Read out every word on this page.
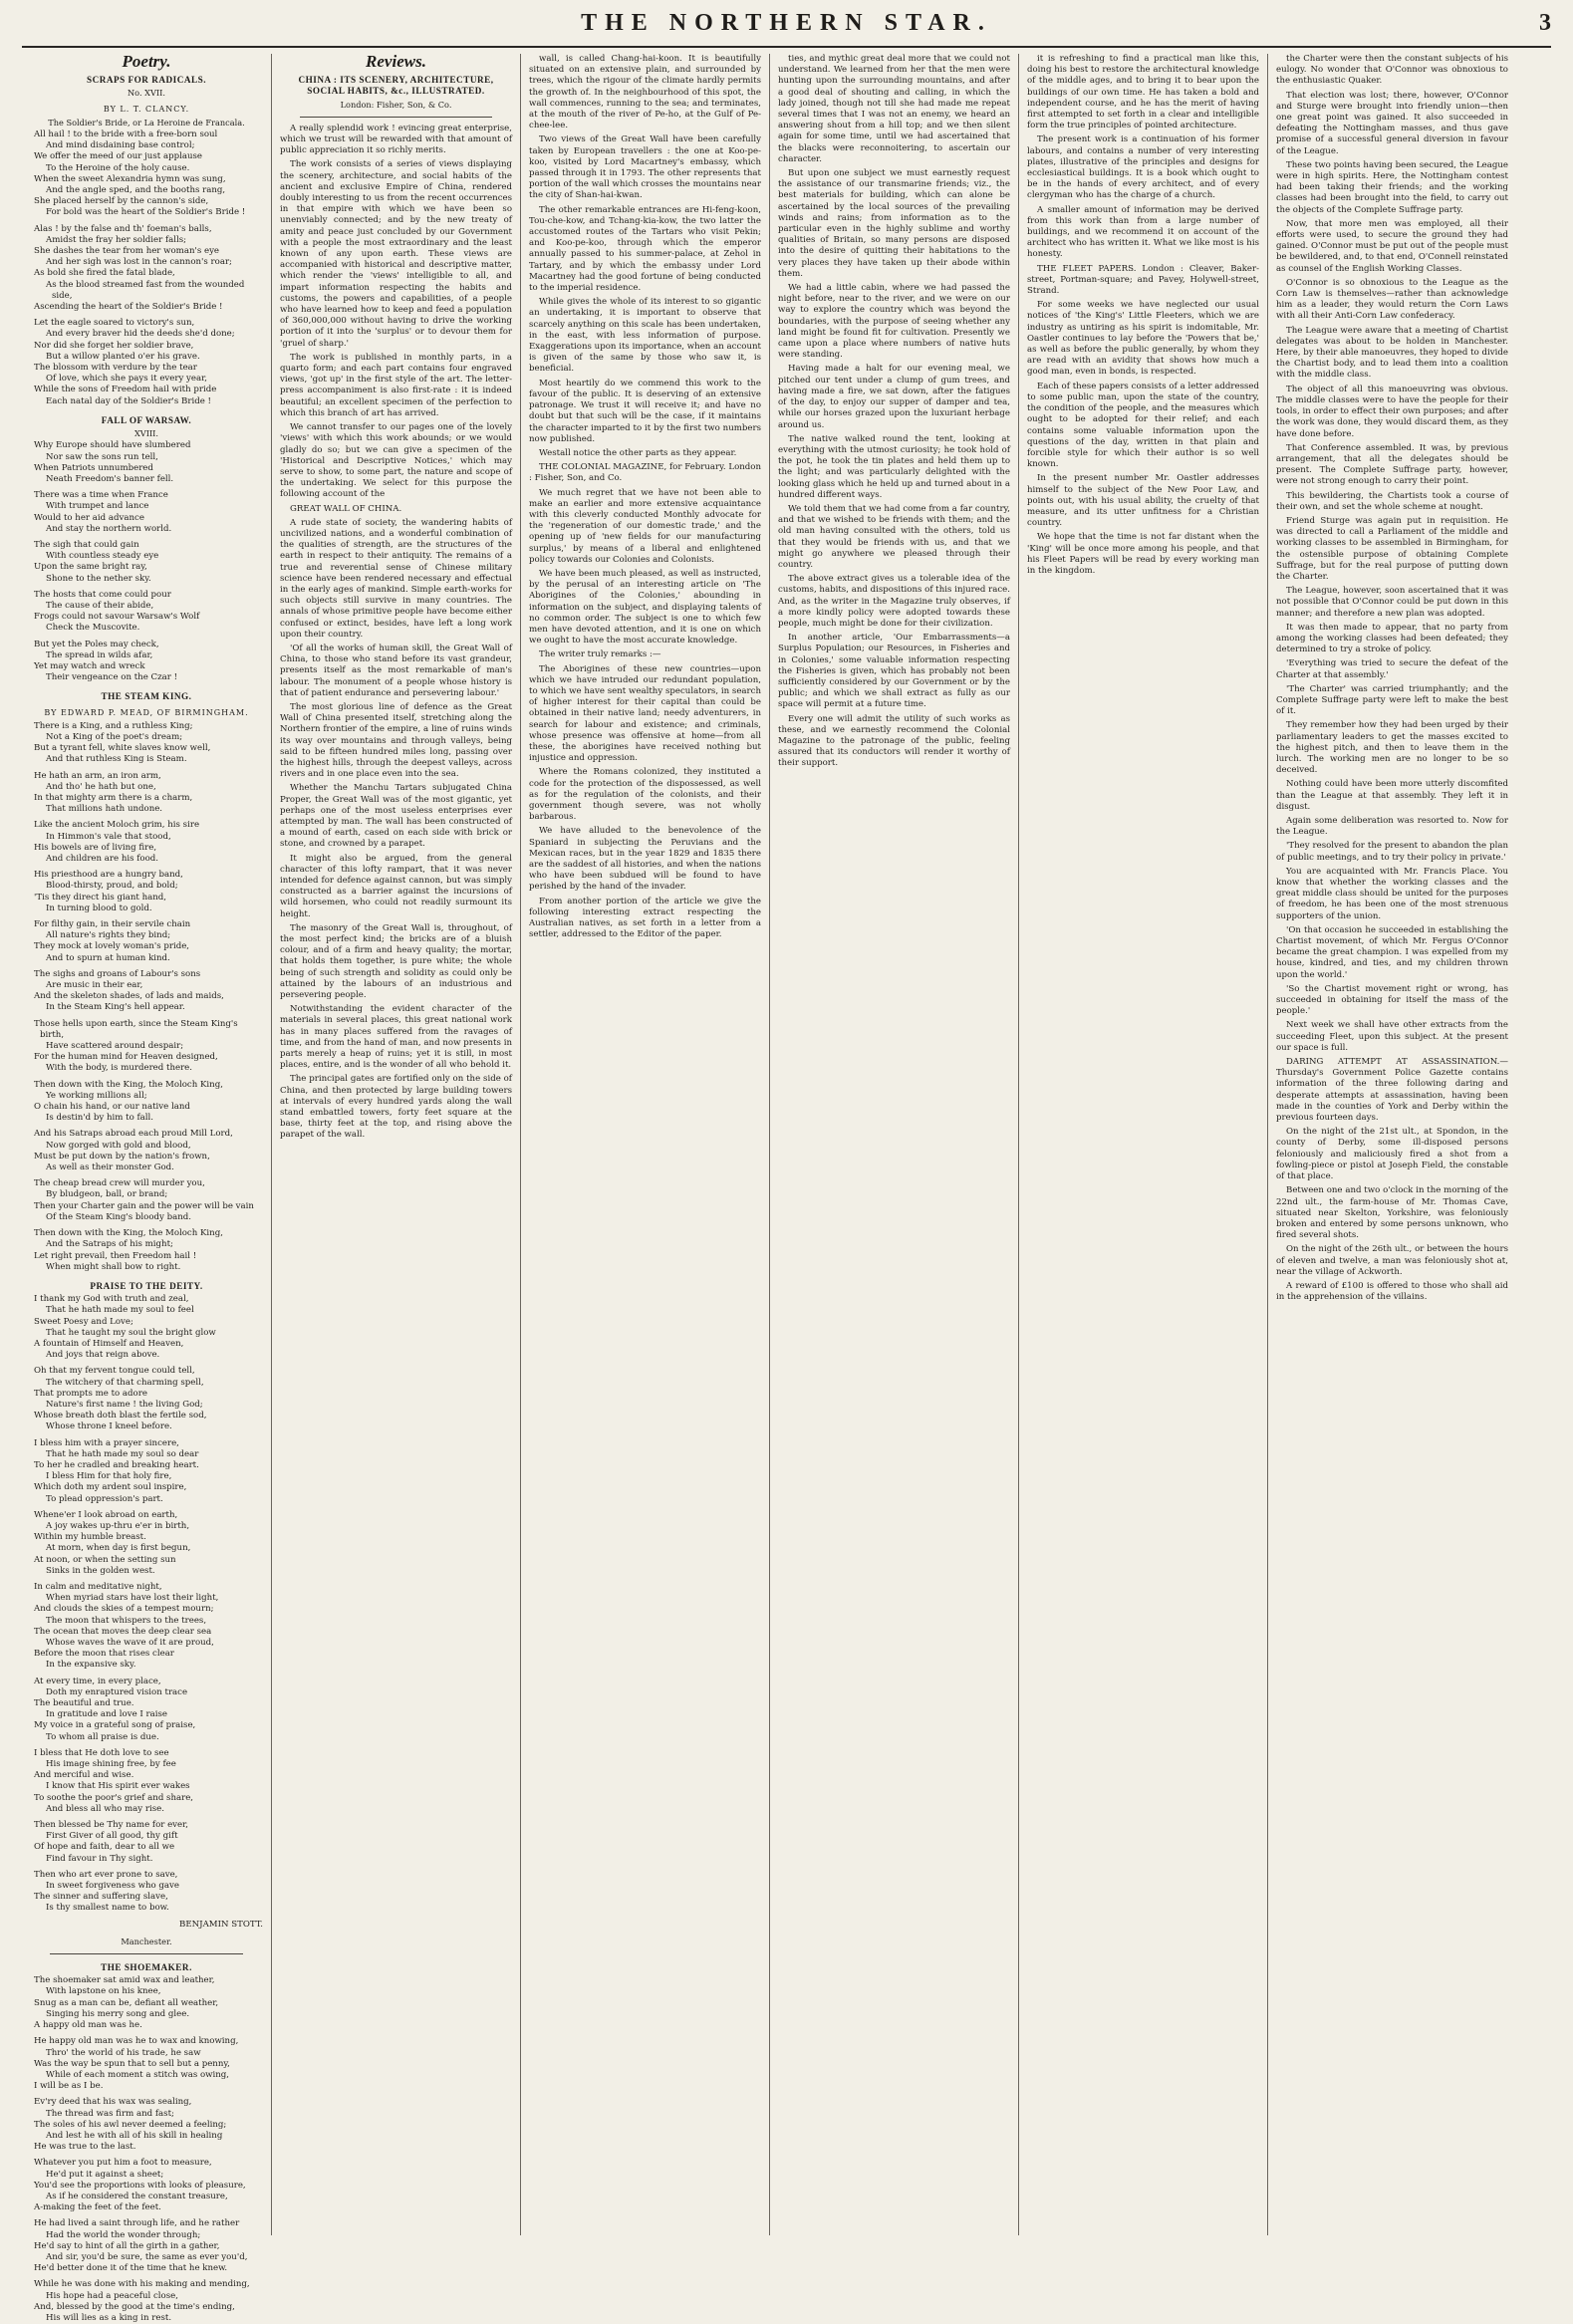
THE NORTHERN STAR.	3
Poetry.
SCRAPS FOR RADICALS.
No. XVII.
BY L. T. CLANCY.
The Soldier's Bride, or La Heroine de Francala.

All hail ! to the bride with a free-born soul

And mind disdaining base control;

We offer the meed of our just applause

To the Heroine of the holy cause.

When the sweet Alexandria hymn was sung,

And the angle sped, and the booths rang,

She placed herself by the cannon's side,

For bold was the heart of the Soldier's Bride !

Alas ! by the false and th' foeman's balls,

Amidst the fray her soldier falls;

She dashes the tear from her woman's eye

And her sigh was lost in the cannon's roar;

As bold she fired the fatal blade,

As the blood streamed fast from the wounded side,

Ascending the heart of the Soldier's Bride !

Let the eagle soared to victory's sun,

And every braver hid the deeds she'd done;

Nor did she forget her soldier brave,

But a willow planted o'er his grave.

The blossom with verdure by the tear

Of love, which she pays it every year,

While the sons of Freedom hail with pride

Each natal day of the Soldier's Bride !

FALL OF WARSAW.
XVIII.

Why Europe should have slumbered

Nor saw the sons run tell,

When Patriots unnumbered

Neath Freedom's banner fell.

There was a time when France

With trumpet and lance

Would to her aid advance

And stay the northern world.

The sigh that could gain

With countless steady eye

Upon the same bright ray,

Shone to the nether sky.

The hosts that come could pour

The cause of their abide,

Frogs could not savour Warsaw's Wolf

Check the Muscovite.

But yet the Poles may check,

The spread in wilds afar,

Yet may watch and wreck

Their vengeance on the Czar !

THE STEAM KING.
BY EDWARD P. MEAD, OF BIRMINGHAM.

There is a King, and a ruthless King;

Not a King of the poet's dream;

But a tyrant fell, white slaves know well,

And that ruthless King is Steam.

He hath an arm, an iron arm,

And tho' he hath but one,

In that mighty arm there is a charm,

That millions hath undone.

Like the ancient Moloch grim, his sire

In Himmon's vale that stood,

His bowels are of living fire,

And children are his food.

His priesthood are a hungry band,

Blood-thirsty, proud, and bold;

'Tis they direct his giant hand,

In turning blood to gold.

For filthy gain, in their servile chain

All nature's rights they bind;

They mock at lovely woman's pride,

And to spurn at human kind.

The sighs and groans of Labour's sons

Are music in their ear,

And the skeleton shades, of lads and maids,

In the Steam King's hell appear.

Those hells upon earth, since the Steam King's birth,

Have scattered around despair;

For the human mind for Heaven designed,

With the body, is murdered there.

Then down with the King, the Moloch King,

Ye working millions all;

O chain his hand, or our native land

Is destin'd by him to fall.

And his Satraps abroad each proud Mill Lord,

Now gorged with gold and blood,

Must be put down by the nation's frown,

As well as their monster God.

The cheap bread crew will murder you,

By bludgeon, ball, or brand;

Then your Charter gain and the power will be vain

Of the Steam King's bloody band.

Then down with the King, the Moloch King,

And the Satraps of his might;

Let right prevail, then Freedom hail !

When might shall bow to right.

PRAISE TO THE DEITY.

I thank my God with truth and zeal,

That he hath made my soul to feel

Sweet Poesy and Love;

That he taught my soul the bright glow

A fountain of Himself and Heaven,

And joys that reign above.

Oh that my fervent tongue could tell,

The witchery of that charming spell,

That prompts me to adore

Nature's first name ! the living God;

Whose breath doth blast the fertile sod,

Whose throne I kneel before.

I bless him with a prayer sincere,

That he hath made my soul so dear

To her he cradled and breaking heart.

I bless Him for that holy fire,

Which doth my ardent soul inspire,

To plead oppression's part.

Whene'er I look abroad on earth,

A joy wakes up-thru e'er in birth,

Within my humble breast.

At morn, when day is first begun,

At noon, or when the setting sun

Sinks in the golden west.

In calm and meditative night,

When myriad stars have lost their light,

And clouds the skies of a tempest mourn;

The moon that whispers to the trees,

The ocean that moves the deep clear sea

Whose waves the wave of it are proud,

Before the moon that rises clear

In the expansive sky.

At every time, in every place,

Doth my enraptured vision trace

The beautiful and true.

In gratitude and love I raise

My voice in a grateful song of praise,

To whom all praise is due.

I bless that He doth love to see

His image shining free, by fee

And merciful and wise.

I know that His spirit ever wakes

To soothe the poor's grief and share,

And bless all who may rise.

Then blessed be Thy name for ever,

First Giver of all good, thy gift

Of hope and faith, dear to all we

Find favour in Thy sight.

Then who art ever prone to save,

In sweet forgiveness who gave

The sinner and suffering slave,

Is thy smallest name to bow.

BENJAMIN STOTT.
Manchester.
THE SHOEMAKER.

The shoemaker sat amid wax and leather,

With lapstone on his knee,

Snug as a man can be, defiant all weather,

Singing his merry song and glee.

A happy old man was he.

He happy old man was he to wax and knowing,

Thro' the world of his trade, he saw

Was the way be spun that to sell but a penny,

While of each moment a stitch was owing,

I will be as I be.

Ev'ry deed that his wax was sealing,

The thread was firm and fast;

The soles of his awl never deemed a feeling;

And lest he with all of his skill in healing

He was true to the last.

Whatever you put him a foot to measure,

He'd put it against a sheet;

You'd see the proportions with looks of pleasure,

As if he considered the constant treasure,

A-making the feet of the feet.

He had lived a saint through life, and he rather

Had the world the wonder through;

He'd say to hint of all the girth in a gather,

And sir, you'd be sure, the same as ever you'd,

He'd better done it of the time that he knew.

While he was done with his making and mending,

His hope had a peaceful close,

And, blessed by the good at the time's ending,

His will lies as a king in rest.

Reviews.
CHINA : ITS SCENERY, ARCHITECTURE, SOCIAL HABITS, &c., ILLUSTRATED.
London: Fisher, Son, & Co.

A really splendid work ! evincing great enterprise, which we trust will be rewarded with that amount of public appreciation it so richly merits.

The work consists of a series of views displaying the scenery, architecture, and social habits of the ancient and exclusive Empire of China, rendered doubly interesting to us from the recent occurrences in that empire with which we have been so unenviably connected; and by the new treaty of amity and peace just concluded by our Government with a people the most extraordinary and the least known of any upon earth. These views are accompanied with historical and descriptive matter, which render the 'views' intelligible to all, and impart information respecting the habits and customs, the powers and capabilities, of a people who have learned how to keep and feed a population of 360,000,000 without having to drive the working portion of it into the 'surplus' or to devour them for 'gruel of sharp.'

The work is published in monthly parts, in a quarto form; and each part contains four engraved views, 'got up' in the first style of the art. The letter-press accompaniment is also first-rate : it is indeed beautiful; an excellent specimen of the perfection to which this branch of art has arrived.

We cannot transfer to our pages one of the lovely 'views' with which this work abounds; or we would gladly do so; but we can give a specimen of the 'Historical and Descriptive Notices,' which may serve to show, to some part, the nature and scope of the undertaking. We select for this purpose the following account of the

GREAT WALL OF CHINA.

A rude state of society, the wandering habits of uncivilized nations, and a wonderful combination of the qualities of strength, are the structures of the earth in respect to their antiquity. The remains of a true and reverential sense of Chinese military science have been rendered necessary and effectual in the early ages of mankind. Simple earth-works for such objects still survive in many countries. The annals of whose primitive people have become either confused or extinct, besides, have left a long work upon their country.

'Of all the works of human skill, the Great Wall of China, to those who stand before its vast grandeur, presents itself as the most remarkable of man's labour. The monument of a people whose history is that of patient endurance and persevering labour.'

The most glorious line of defence as the Great Wall of China presented itself, stretching along the Northern frontier of the empire, a line of ruins winds its way over mountains and through valleys, being said to be fifteen hundred miles long, passing over the highest hills, through the deepest valleys, across rivers and in one place even into the sea.

Whether the Manchu Tartars subjugated China Proper, the Great Wall was of the most gigantic, yet perhaps one of the most useless enterprises ever attempted by man. The wall has been constructed of a mound of earth, cased on each side with brick or stone, and crowned by a parapet.

It might also be argued, from the general character of this lofty rampart, that it was never intended for defence against cannon, but was simply constructed as a barrier against the incursions of wild horsemen, who could not readily surmount its height.

The masonry of the Great Wall is, throughout, of the most perfect kind; the bricks are of a bluish colour, and of a firm and heavy quality; the mortar, that holds them together, is pure white; the whole being of such strength and solidity as could only be attained by the labours of an industrious and persevering people.

Notwithstanding the evident character of the materials in several places, this great national work has in many places suffered from the ravages of time, and from the hand of man, and now presents in parts merely a heap of ruins; yet it is still, in most places, entire, and is the wonder of all who behold it.

The principal gates are fortified only on the side of China, and then protected by large building towers at intervals of every hundred yards along the wall stand embattled towers, forty feet square at the base, thirty feet at the top, and rising above the parapet of the wall.

wall, is called Chang-hai-koon. It is beautifully situated on an extensive plain, and surrounded by trees, which the rigour of the climate hardly permits the growth of. In the neighbourhood of this spot, the wall commences, running to the sea; and terminates, at the mouth of the river of Pe-ho, at the Gulf of Pe-chee-lee.

Two views of the Great Wall have been carefully taken by European travellers : the one at Koo-pe-koo, visited by Lord Macartney's embassy, which passed through it in 1793. The other represents that portion of the wall which crosses the mountains near the city of Shan-hai-kwan.

The other remarkable entrances are Hi-feng-koon, Tou-che-kow, and Tchang-kia-kow, the two latter the accustomed routes of the Tartars who visit Pekin; and Koo-pe-koo, through which the emperor annually passed to his summer-palace, at Zehol in Tartary, and by which the embassy under Lord Macartney had the good fortune of being conducted to the imperial residence.

While gives the whole of its interest to so gigantic an undertaking, it is important to observe that scarcely anything on this scale has been undertaken, in the east, with less information of purpose. Exaggerations upon its importance, when an account is given of the same by those who saw it, is beneficial.

Most heartily do we commend this work to the favour of the public. It is deserving of an extensive patronage. We trust it will receive it; and have no doubt but that such will be the case, if it maintains the character imparted to it by the first two numbers now published.

Westall notice the other parts as they appear.

THE COLONIAL MAGAZINE, for February. London : Fisher, Son, and Co.

We much regret that we have not been able to make an earlier and more extensive acquaintance with this cleverly conducted Monthly advocate for the 'regeneration of our domestic trade,' and the opening up of 'new fields for our manufacturing surplus,' by means of a liberal and enlightened policy towards our Colonies and Colonists.

We have been much pleased, as well as instructed, by the perusal of an interesting article on 'The Aborigines of the Colonies,' abounding in information on the subject, and displaying talents of no common order. The subject is one to which few men have devoted attention, and it is one on which we ought to have the most accurate knowledge.

The writer truly remarks :—

The Aborigines of these new countries—upon which we have intruded our redundant population, to which we have sent wealthy speculators, in search of higher interest for their capital than could be obtained in their native land; needy adventurers, in search for labour and existence; and criminals, whose presence was offensive at home—from all these, the aborigines have received nothing but injustice and oppression.

Where the Romans colonized, they instituted a code for the protection of the dispossessed, as well as for the regulation of the colonists, and their government though severe, was not wholly barbarous.

We have alluded to the benevolence of the Spaniard in subjecting the Peruvians and the Mexican races, but in the year 1829 and 1835 there are the saddest of all histories, and when the nations who have been subdued will be found to have perished by the hand of the invader.

From another portion of the article we give the following interesting extract respecting the Australian natives, as set forth in a letter from a settler, addressed to the Editor of the paper.

ties, and mythic great deal more that we could not understand. We learned from her that the men were hunting upon the surrounding mountains, and after a good deal of shouting and calling, in which the lady joined, though not till she had made me repeat several times that I was not an enemy, we heard an answering shout from a hill top; and we then silent again for some time, until we had ascertained that the blacks were reconnoitering, to ascertain our character.

But upon one subject we must earnestly request the assistance of our transmarine friends; viz., the best materials for building, which can alone be ascertained by the local sources of the prevailing winds and rains; from information as to the particular even in the highly sublime and worthy qualities of Britain, so many persons are disposed into the desire of quitting their habitations to the very places they have taken up their abode within them.

We had a little cabin, where we had passed the night before, near to the river, and we were on our way to explore the country which was beyond the boundaries, with the purpose of seeing whether any land might be found fit for cultivation. Presently we came upon a place where numbers of native huts were standing.

Having made a halt for our evening meal, we pitched our tent under a clump of gum trees, and having made a fire, we sat down, after the fatigues of the day, to enjoy our supper of damper and tea, while our horses grazed upon the luxuriant herbage around us.

The native walked round the tent, looking at everything with the utmost curiosity; he took hold of the pot, he took the tin plates and held them up to the light; and was particularly delighted with the looking glass which he held up and turned about in a hundred different ways.

We told them that we had come from a far country, and that we wished to be friends with them; and the old man having consulted with the others, told us that they would be friends with us, and that we might go anywhere we pleased through their country.

The above extract gives us a tolerable idea of the customs, habits, and dispositions of this injured race. And, as the writer in the Magazine truly observes, if a more kindly policy were adopted towards these people, much might be done for their civilization.

In another article, 'Our Embarrassments—a Surplus Population; our Resources, in Fisheries and in Colonies,' some valuable information respecting the Fisheries is given, which has probably not been sufficiently considered by our Government or by the public; and which we shall extract as fully as our space will permit at a future time.

Every one will admit the utility of such works as these, and we earnestly recommend the Colonial Magazine to the patronage of the public, feeling assured that its conductors will render it worthy of their support.

it is refreshing to find a practical man like this, doing his best to restore the architectural knowledge of the middle ages, and to bring it to bear upon the buildings of our own time. He has taken a bold and independent course, and he has the merit of having first attempted to set forth in a clear and intelligible form the true principles of pointed architecture.

The present work is a continuation of his former labours, and contains a number of very interesting plates, illustrative of the principles and designs for ecclesiastical buildings. It is a book which ought to be in the hands of every architect, and of every clergyman who has the charge of a church.

A smaller amount of information may be derived from this work than from a large number of buildings, and we recommend it on account of the architect who has written it. What we like most is his honesty.

THE FLEET PAPERS. London : Cleaver, Baker-street, Portman-square; and Pavey, Holywell-street, Strand.

For some weeks we have neglected our usual notices of 'the King's' Little Fleeters, which we are industry as untiring as his spirit is indomitable, Mr. Oastler continues to lay before the 'Powers that be,' as well as before the public generally, by whom they are read with an avidity that shows how much a good man, even in bonds, is respected.

Each of these papers consists of a letter addressed to some public man, upon the state of the country, the condition of the people, and the measures which ought to be adopted for their relief; and each contains some valuable information upon the questions of the day, written in that plain and forcible style for which their author is so well known.

In the present number Mr. Oastler addresses himself to the subject of the New Poor Law, and points out, with his usual ability, the cruelty of that measure, and its utter unfitness for a Christian country.

We hope that the time is not far distant when the 'King' will be once more among his people, and that his Fleet Papers will be read by every working man in the kingdom.

the Charter were then the constant subjects of his eulogy. No wonder that O'Connor was obnoxious to the enthusiastic Quaker.

That election was lost; there, however, O'Connor and Sturge were brought into friendly union—then one great point was gained. It also succeeded in defeating the Nottingham masses, and thus gave promise of a successful general diversion in favour of the League.

These two points having been secured, the League were in high spirits. Here, the Nottingham contest had been taking their friends; and the working classes had been brought into the field, to carry out the objects of the Complete Suffrage party.

Now, that more men was employed, all their efforts were used, to secure the ground they had gained. O'Connor must be put out of the people must be bewildered, and, to that end, O'Connell reinstated as counsel of the English Working Classes.

O'Connor is so obnoxious to the League as the Corn Law is themselves—rather than acknowledge him as a leader, they would return the Corn Laws with all their Anti-Corn Law confederacy.

The League were aware that a meeting of Chartist delegates was about to be holden in Manchester. Here, by their able manoeuvres, they hoped to divide the Chartist body, and to lead them into a coalition with the middle class.

The object of all this manoeuvring was obvious. The middle classes were to have the people for their tools, in order to effect their own purposes; and after the work was done, they would discard them, as they have done before.

That Conference assembled. It was, by previous arrangement, that all the delegates should be present. The Complete Suffrage party, however, were not strong enough to carry their point.

This bewildering, the Chartists took a course of their own, and set the whole scheme at nought.

Friend Sturge was again put in requisition. He was directed to call a Parliament of the middle and working classes to be assembled in Birmingham, for the ostensible purpose of obtaining Complete Suffrage, but for the real purpose of putting down the Charter.

The League, however, soon ascertained that it was not possible that O'Connor could be put down in this manner; and therefore a new plan was adopted.

It was then made to appear, that no party from among the working classes had been defeated; they determined to try a stroke of policy.

'Everything was tried to secure the defeat of the Charter at that assembly.'

'The Charter' was carried triumphantly; and the Complete Suffrage party were left to make the best of it.

They remember how they had been urged by their parliamentary leaders to get the masses excited to the highest pitch, and then to leave them in the lurch. The working men are no longer to be so deceived.

Nothing could have been more utterly discomfited than the League at that assembly. They left it in disgust.

Again some deliberation was resorted to. Now for the League.

'They resolved for the present to abandon the plan of public meetings, and to try their policy in private.'

You are acquainted with Mr. Francis Place. You know that whether the working classes and the great middle class should be united for the purposes of freedom, he has been one of the most strenuous supporters of the union.

'On that occasion he succeeded in establishing the Chartist movement, of which Mr. Fergus O'Connor became the great champion. I was expelled from my house, kindred, and ties, and my children thrown upon the world.'

'So the Chartist movement right or wrong, has succeeded in obtaining for itself the mass of the people.'

Next week we shall have other extracts from the succeeding Fleet, upon this subject. At the present our space is full.

DARING ATTEMPT AT ASSASSINATION.—Thursday's Government Police Gazette contains information of the three following daring and desperate attempts at assassination, having been made in the counties of York and Derby within the previous fourteen days.

On the night of the 21st ult., at Spondon, in the county of Derby, some ill-disposed persons feloniously and maliciously fired a shot from a fowling-piece or pistol at Joseph Field, the constable of that place.

Between one and two o'clock in the morning of the 22nd ult., the farm-house of Mr. Thomas Cave, situated near Skelton, Yorkshire, was feloniously broken and entered by some persons unknown, who fired several shots.

On the night of the 26th ult., or between the hours of eleven and twelve, a man was feloniously shot at, near the village of Ackworth.

A reward of £100 is offered to those who shall aid in the apprehension of the villains.
